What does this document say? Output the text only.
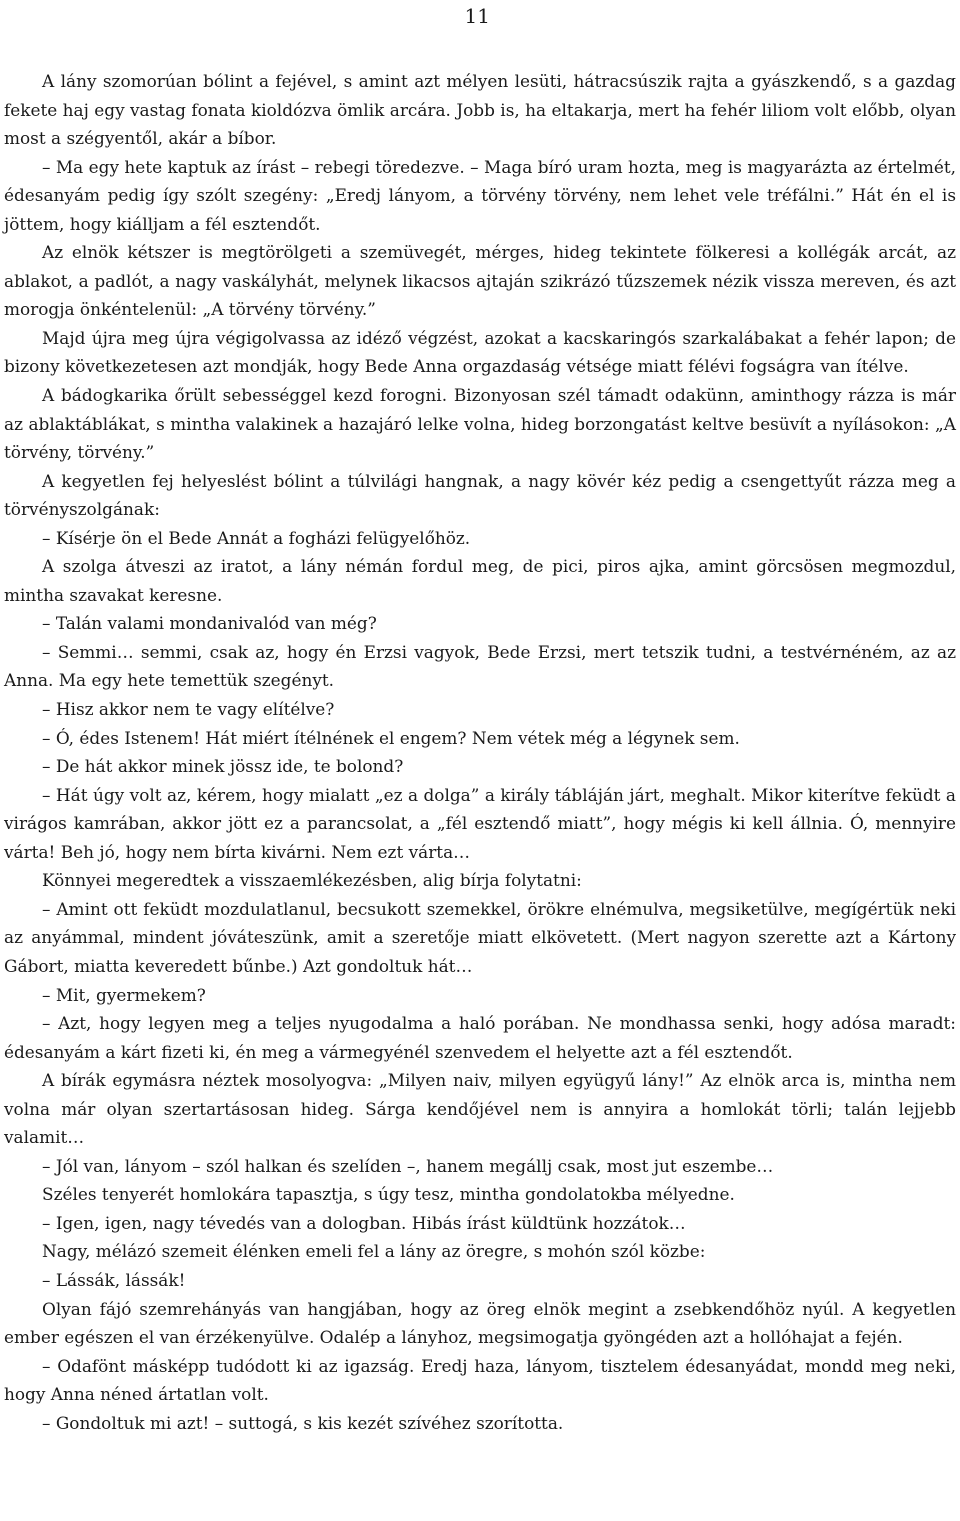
11

A lány szomorúan bólint a fejével, s amint azt mélyen lesüti, hátracsúszik rajta a gyászkendő, s a gazdag fekete haj egy vastag fonata kioldózva ömlik arcára. Jobb is, ha eltakarja, mert ha fehér liliom volt előbb, olyan most a szégyentől, akár a bíbor.

– Ma egy hete kaptuk az írást – rebegi töredezve. – Maga bíró uram hozta, meg is magyarázta az értelmét, édesanyám pedig így szólt szegény: „Eredj lányom, a törvény törvény, nem lehet vele tréfálni.” Hát én el is jöttem, hogy kiálljam a fél esztendőt.

Az elnök kétszer is megtörölgeti a szemüvegét, mérges, hideg tekintete fölkeresi a kollégák arcát, az ablakot, a padlót, a nagy vaskályhát, melynek likacsos ajtaján szikrázó tűzszemek nézik vissza mereven, és azt morogja önkéntelenül: „A törvény törvény.”

Majd újra meg újra végigolvassa az idéző végzést, azokat a kacskaringós szarkalábakat a fehér lapon; de bizony következetesen azt mondják, hogy Bede Anna orgazdaság vétsége miatt félévi fogságra van ítélve.

A bádogkarika őrült sebességgel kezd forogni. Bizonyosan szél támadt odakünn, aminthogy rázza is már az ablaktáblákat, s mintha valakinek a hazajáró lelke volna, hideg borzongatást keltve besüvít a nyílásokon: „A törvény, törvény.”

A kegyetlen fej helyeslést bólint a túlvilági hangnak, a nagy kövér kéz pedig a csengettyűt rázza meg a törvényszolgának:

– Kísérje ön el Bede Annát a fogházi felügyelőhöz.

A szolga átveszi az iratot, a lány némán fordul meg, de pici, piros ajka, amint görcsösen megmozdul, mintha szavakat keresne.

– Talán valami mondanivalód van még?

– Semmi… semmi, csak az, hogy én Erzsi vagyok, Bede Erzsi, mert tetszik tudni, a testvérnéném, az az Anna. Ma egy hete temettük szegényt.

– Hisz akkor nem te vagy elítélve?

– Ó, édes Istenem! Hát miért ítélnének el engem? Nem vétek még a légynek sem.

– De hát akkor minek jössz ide, te bolond?

– Hát úgy volt az, kérem, hogy mialatt „ez a dolga” a király tábláján járt, meghalt. Mikor kiterítve feküdt a virágos kamrában, akkor jött ez a parancsolat, a „fél esztendő miatt”, hogy mégis ki kell állnia. Ó, mennyire várta! Beh jó, hogy nem bírta kivárni. Nem ezt várta…

Könnyei megeredtek a visszaemlékezésben, alig bírja folytatni:

– Amint ott feküdt mozdulatlanul, becsukott szemekkel, örökre elnémulva, megsiketülve, megígértük neki az anyámmal, mindent jóváteszünk, amit a szeretője miatt elkövetett. (Mert nagyon szerette azt a Kártony Gábort, miatta keveredett bűnbe.) Azt gondoltuk hát…

– Mit, gyermekem?

– Azt, hogy legyen meg a teljes nyugodalma a haló porában. Ne mondhassa senki, hogy adósa maradt: édesanyám a kárt fizeti ki, én meg a vármegyénél szenvedem el helyette azt a fél esztendőt.

A bírák egymásra néztek mosolyogva: „Milyen naiv, milyen együgyű lány!” Az elnök arca is, mintha nem volna már olyan szertartásosan hideg. Sárga kendőjével nem is annyira a homlokát törli; talán lejjebb valamit…

– Jól van, lányom – szól halkan és szelíden –, hanem megállj csak, most jut eszembe…

Széles tenyerét homlokára tapasztja, s úgy tesz, mintha gondolatokba mélyedne.

– Igen, igen, nagy tévedés van a dologban. Hibás írást küldtünk hozzátok…

Nagy, mélázó szemeit élénken emeli fel a lány az öregre, s mohón szól közbe:

– Lássák, lássák!

Olyan fájó szemrehányás van hangjában, hogy az öreg elnök megint a zsebkendőhöz nyúl. A kegyetlen ember egészen el van érzékenyülve. Odalép a lányhoz, megsimogatja gyöngéden azt a hollóhajat a fején.

– Odafönt másképp tudódott ki az igazság. Eredj haza, lányom, tisztelem édesanyádat, mondd meg neki, hogy Anna néned ártatlan volt.

– Gondoltuk mi azt! – suttogá, s kis kezét szívéhez szorította.
